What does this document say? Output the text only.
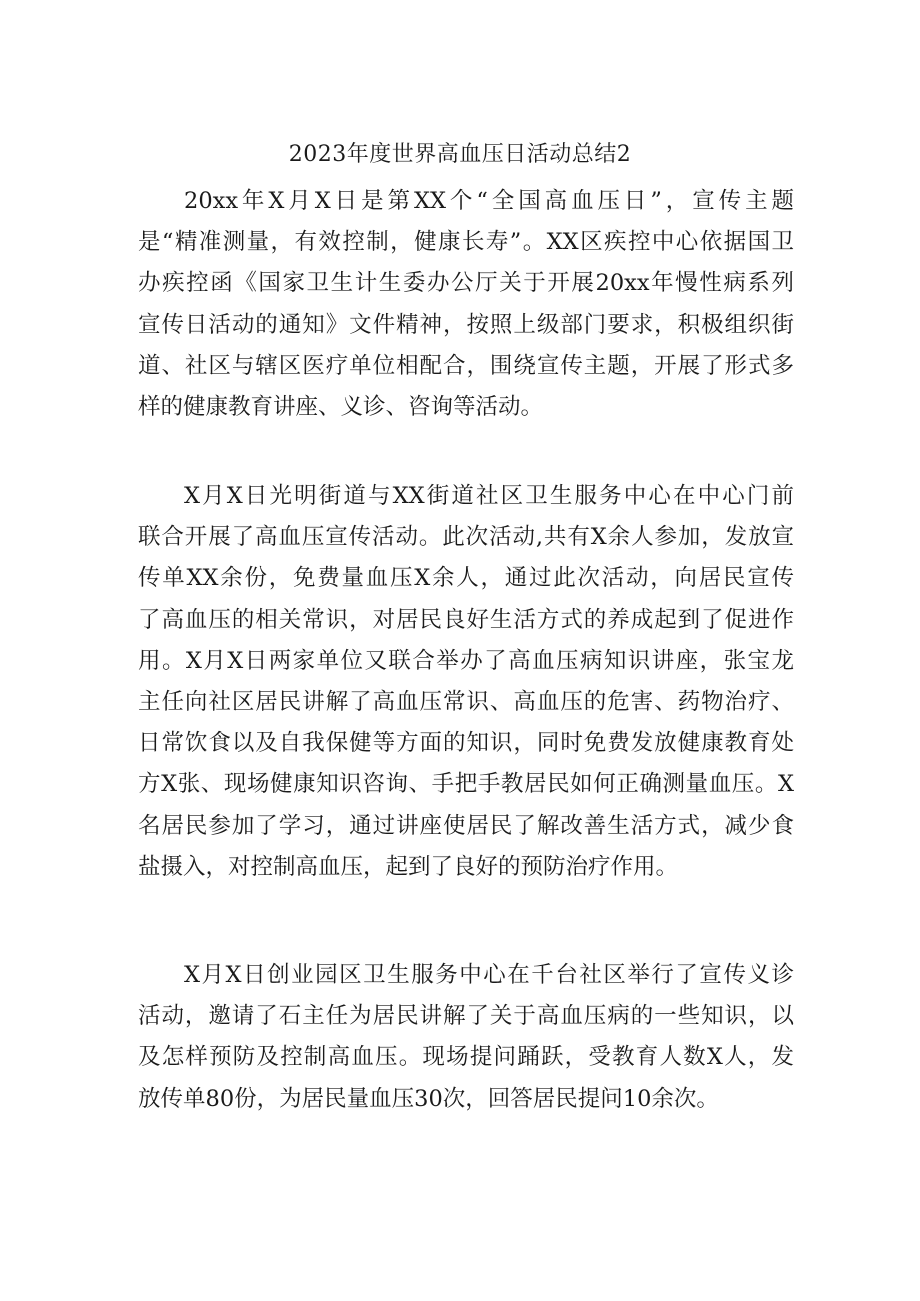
2023年度世界高血压日活动总结2

20xx年X月X日是第XX个“全国高血压日”，宣传主题
是“精准测量，有效控制，健康长寿”。XX区疾控中心依据国卫
办疾控函《国家卫生计生委办公厅关于开展20xx年慢性病系列
宣传日活动的通知》文件精神，按照上级部门要求，积极组织街
道、社区与辖区医疗单位相配合，围绕宣传主题，开展了形式多
样的健康教育讲座、义诊、咨询等活动。

X月X日光明街道与XX街道社区卫生服务中心在中心门前
联合开展了高血压宣传活动。此次活动,共有X余人参加，发放宣
传单XX余份，免费量血压X余人，通过此次活动，向居民宣传
了高血压的相关常识，对居民良好生活方式的养成起到了促进作
用。X月X日两家单位又联合举办了高血压病知识讲座，张宝龙
主任向社区居民讲解了高血压常识、高血压的危害、药物治疗、
日常饮食以及自我保健等方面的知识，同时免费发放健康教育处
方X张、现场健康知识咨询、手把手教居民如何正确测量血压。X
名居民参加了学习，通过讲座使居民了解改善生活方式，减少食
盐摄入，对控制高血压，起到了良好的预防治疗作用。

X月X日创业园区卫生服务中心在千台社区举行了宣传义诊
活动，邀请了石主任为居民讲解了关于高血压病的一些知识，以
及怎样预防及控制高血压。现场提问踊跃，受教育人数X人，发
放传单80份，为居民量血压30次，回答居民提问10余次。
